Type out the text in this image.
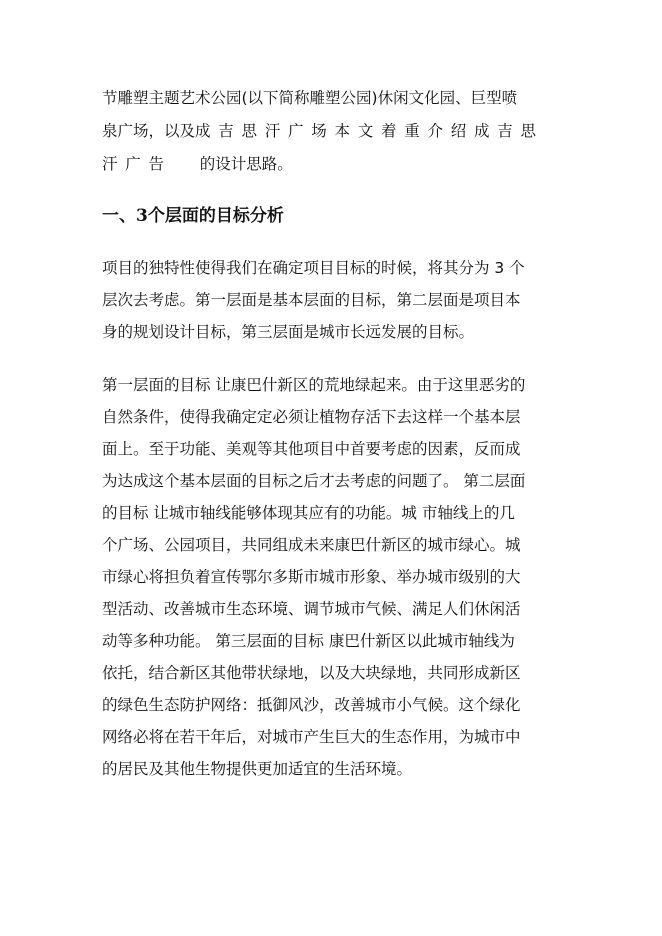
节雕塑主题艺术公园(以下简称雕塑公园)休闲文化园、巨型喷
泉广场，以及成吉思汗广场本文着重介绍成吉思
汗广告 的设计思路。
一、3个层面的目标分析
项目的独特性使得我们在确定项目目标的时候，将其分为 3 个
层次去考虑。第一层面是基本层面的目标，第二层面是项目本
身的规划设计目标，第三层面是城市长远发展的目标。
第一层面的目标 让康巴什新区的荒地绿起来。由于这里恶劣的
自然条件，使得我确定定必须让植物存活下去这样一个基本层
面上。至于功能、美观等其他项目中首要考虑的因素，反而成
为达成这个基本层面的目标之后才去考虑的问题了。 第二层面
的目标 让城市轴线能够体现其应有的功能。城 市轴线上的几
个广场、公园项目，共同组成未来康巴什新区的城市绿心。城
市绿心将担负着宣传鄂尔多斯市城市形象、举办城市级别的大
型活动、改善城市生态环境、调节城市气候、满足人们休闲活
动等多种功能。 第三层面的目标 康巴什新区以此城市轴线为
依托，结合新区其他带状绿地，以及大块绿地，共同形成新区
的绿色生态防护网络：抵御风沙，改善城市小气候。这个绿化
网络必将在若干年后，对城市产生巨大的生态作用，为城市中
的居民及其他生物提供更加适宜的生活环境。
